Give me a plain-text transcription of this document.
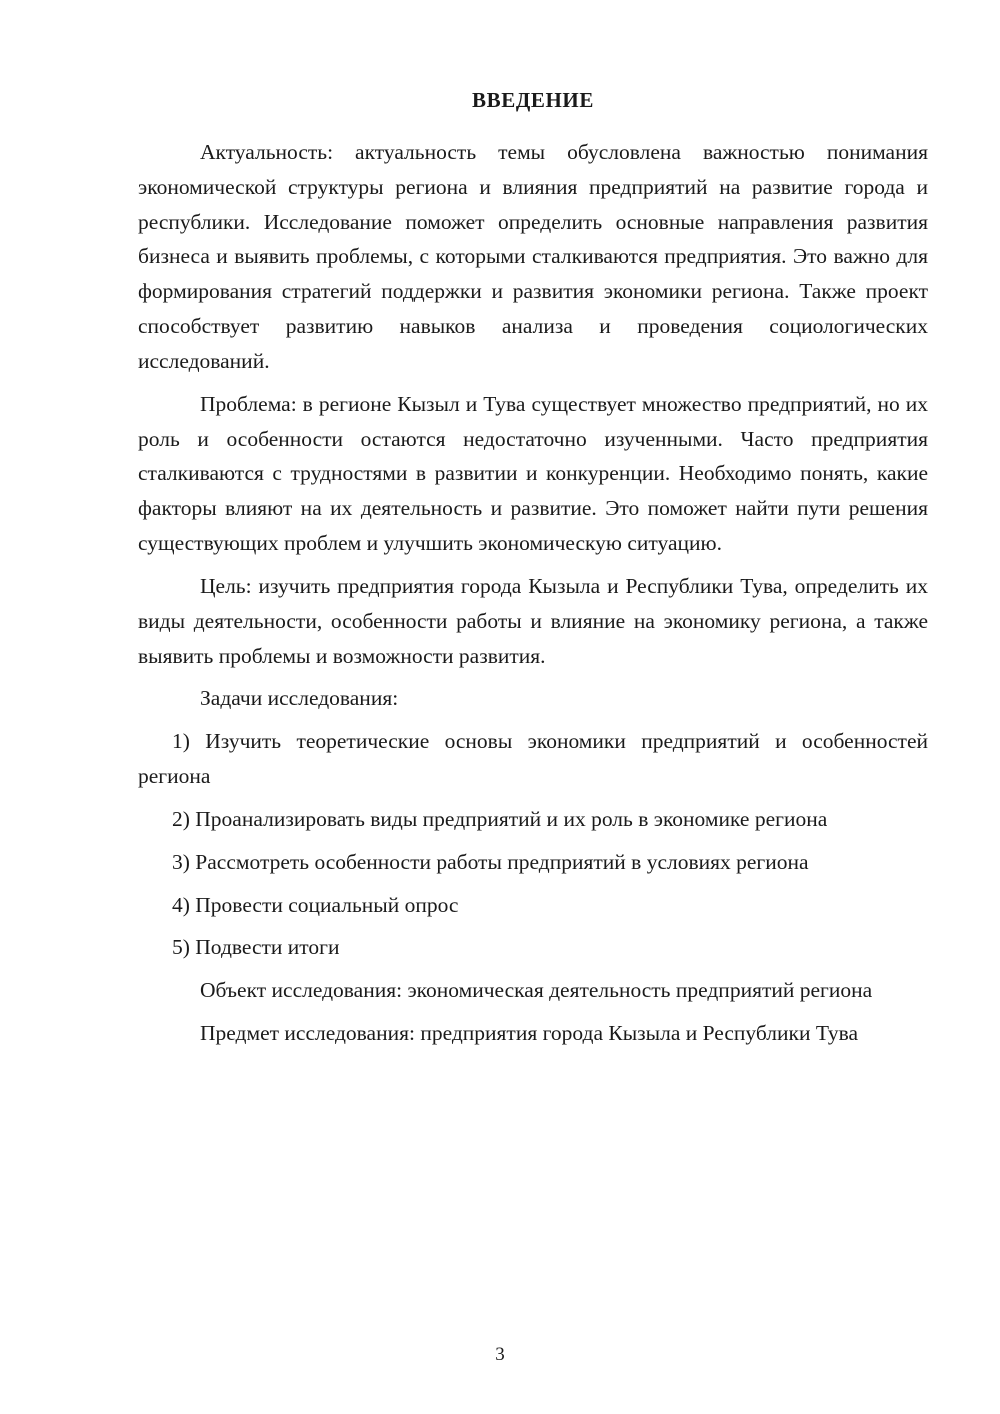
ВВЕДЕНИЕ

Актуальность: актуальность темы обусловлена важностью понимания экономической структуры региона и влияния предприятий на развитие города и республики. Исследование поможет определить основные направления развития бизнеса и выявить проблемы, с которыми сталкиваются предприятия. Это важно для формирования стратегий поддержки и развития экономики региона. Также проект способствует развитию навыков анализа и проведения социологических исследований.

Проблема: в регионе Кызыл и Тува существует множество предприятий, но их роль и особенности остаются недостаточно изученными. Часто предприятия сталкиваются с трудностями в развитии и конкуренции. Необходимо понять, какие факторы влияют на их деятельность и развитие. Это поможет найти пути решения существующих проблем и улучшить экономическую ситуацию.

Цель: изучить предприятия города Кызыла и Республики Тува, определить их виды деятельности, особенности работы и влияние на экономику региона, а также выявить проблемы и возможности развития.

Задачи исследования:

1) Изучить теоретические основы экономики предприятий и особенностей региона

2) Проанализировать виды предприятий и их роль в экономике региона

3) Рассмотреть особенности работы предприятий в условиях региона

4) Провести социальный опрос

5) Подвести итоги

Объект исследования: экономическая деятельность предприятий региона

Предмет исследования: предприятия города Кызыла и Республики Тува

3
